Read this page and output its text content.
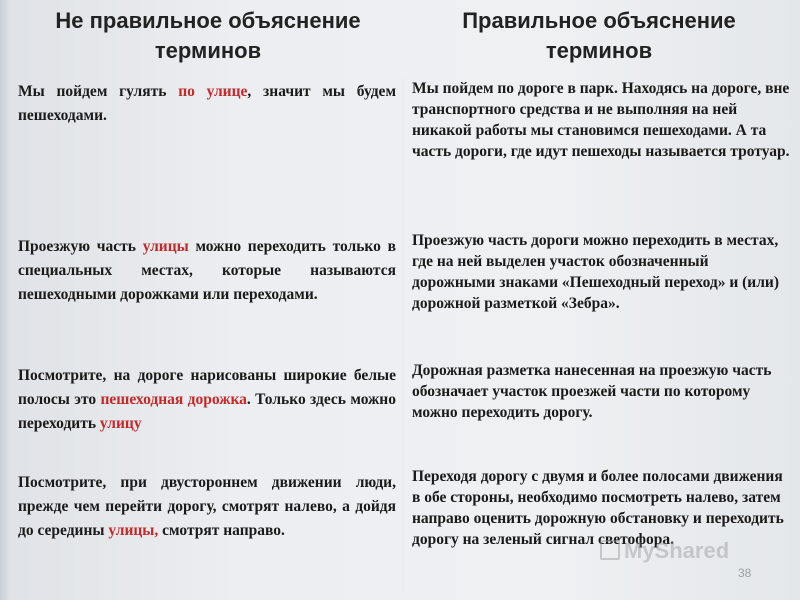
Не правильное объяснение терминов
Правильное объяснение терминов
Мы пойдем гулять по улице, значит мы будем пешеходами.
Мы пойдем по дороге в парк. Находясь на дороге, вне транспортного средства и не выполняя на ней никакой работы мы становимся пешеходами. А та часть дороги, где идут пешеходы называется тротуар.
Проезжую часть улицы можно переходить только в специальных местах, которые называются пешеходными дорожками или переходами.
Проезжую часть дороги можно переходить в местах, где на ней выделен участок обозначенный дорожными знаками «Пешеходный переход» и (или) дорожной разметкой «Зебра».
Посмотрите, на дороге нарисованы широкие белые полосы это пешеходная дорожка. Только здесь можно переходить улицу
Дорожная разметка нанесенная на проезжую часть обозначает участок проезжей части по которому можно переходить дорогу.
Посмотрите, при двустороннем движении люди, прежде чем перейти дорогу, смотрят налево, а дойдя до середины улицы, смотрят направо.
Переходя дорогу с двумя и более полосами движения в обе стороны, необходимо посмотреть налево, затем направо оценить дорожную обстановку и переходить дорогу на зеленый сигнал светофора.
MyShared
38
